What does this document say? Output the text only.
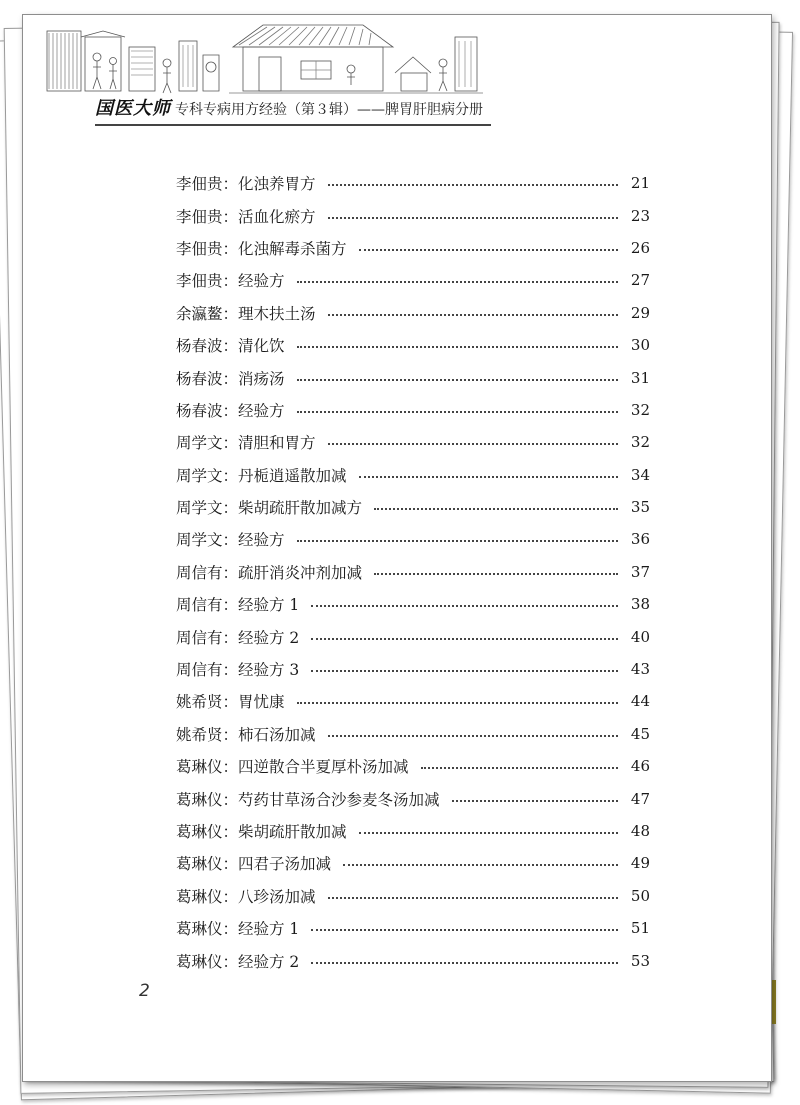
国医大师 专科专病用方经验（第３辑）——脾胃肝胆病分册
李佃贵：化浊养胃方	21
李佃贵：活血化瘀方	23
李佃贵：化浊解毒杀菌方	26
李佃贵：经验方	27
余瀛鳌：理木扶土汤	29
杨春波：清化饮	30
杨春波：消疡汤	31
杨春波：经验方	32
周学文：清胆和胃方	32
周学文：丹栀逍遥散加减	34
周学文：柴胡疏肝散加减方	35
周学文：经验方	36
周信有：疏肝消炎冲剂加减	37
周信有：经验方 1	38
周信有：经验方 2	40
周信有：经验方 3	43
姚希贤：胃忧康	44
姚希贤：柿石汤加减	45
葛琳仪：四逆散合半夏厚朴汤加减	46
葛琳仪：芍药甘草汤合沙参麦冬汤加减	47
葛琳仪：柴胡疏肝散加减	48
葛琳仪：四君子汤加减	49
葛琳仪：八珍汤加减	50
葛琳仪：经验方 1	51
葛琳仪：经验方 2	53
2
